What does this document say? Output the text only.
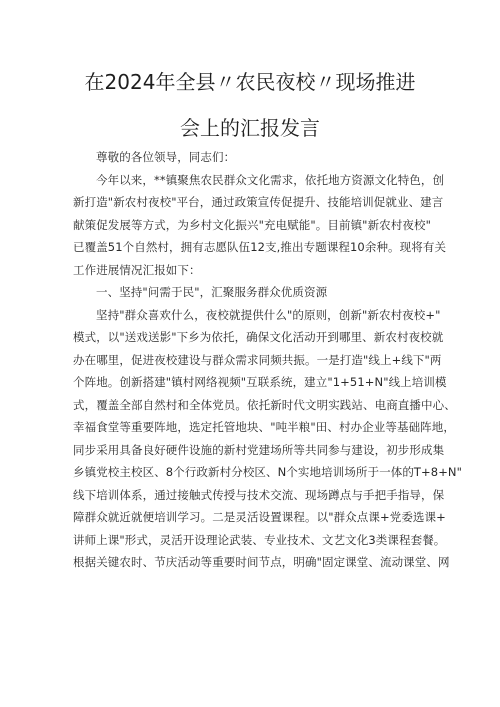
在2024年全县〃农民夜校〃现场推进
会上的汇报发言

尊敬的各位领导，同志们：

今年以来，**镇聚焦农民群众文化需求，依托地方资源文化特色，创
新打造"新农村夜校"平台，通过政策宣传促提升、技能培训促就业、建言
献策促发展等方式，为乡村文化振兴"充电赋能"。目前镇"新农村夜校"
已覆盖51个自然村，拥有志愿队伍12支,推出专题课程10余种。现将有关
工作进展情况汇报如下：

一、坚持"问需于民"，汇聚服务群众优质资源

坚持"群众喜欢什么，夜校就提供什么"的原则，创新"新农村夜校+"
模式，以"送戏送影"下乡为依托，确保文化活动开到哪里、新农村夜校就
办在哪里，促进夜校建设与群众需求同频共振。一是打造"线上+线下"两
个阵地。创新搭建"镇村网络视频"互联系统，建立"1+51+N"线上培训模
式，覆盖全部自然村和全体党员。依托新时代文明实践站、电商直播中心、
幸福食堂等重要阵地，选定托管地块、"吨半粮"田、村办企业等基础阵地，
同步采用具备良好硬件设施的新村党建场所等共同参与建设，初步形成集
乡镇党校主校区、8个行政新村分校区、N个实地培训场所于一体的T+8+N"
线下培训体系，通过接触式传授与技术交流、现场蹲点与手把手指导，保
障群众就近就便培训学习。二是灵活设置课程。以"群众点课+党委选课+
讲师上课"形式，灵活开设理论武装、专业技术、文艺文化3类课程套餐。
根据关键农时、节庆活动等重要时间节点，明确"固定课堂、流动课堂、网
